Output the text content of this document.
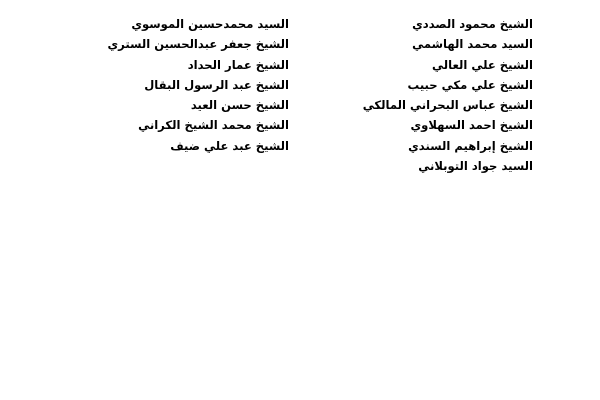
الشيخ محمود الصددي
السيد محمد الهاشمي
الشيخ علي العالي
الشيخ علي مكي حبيب
الشيخ عباس البحراني المالكي
الشيخ احمد السهلاوي
الشيخ إبراهيم السندي
السيد جواد التوبلاني
السيد محمدحسين الموسوي
الشيخ جعفر عبدالحسين الستري
الشيخ عمار الحداد
الشيخ عبد الرسول البقال
الشيخ حسن العيد
الشيخ محمد الشيخ الكراني
الشيخ عبد علي ضيف
